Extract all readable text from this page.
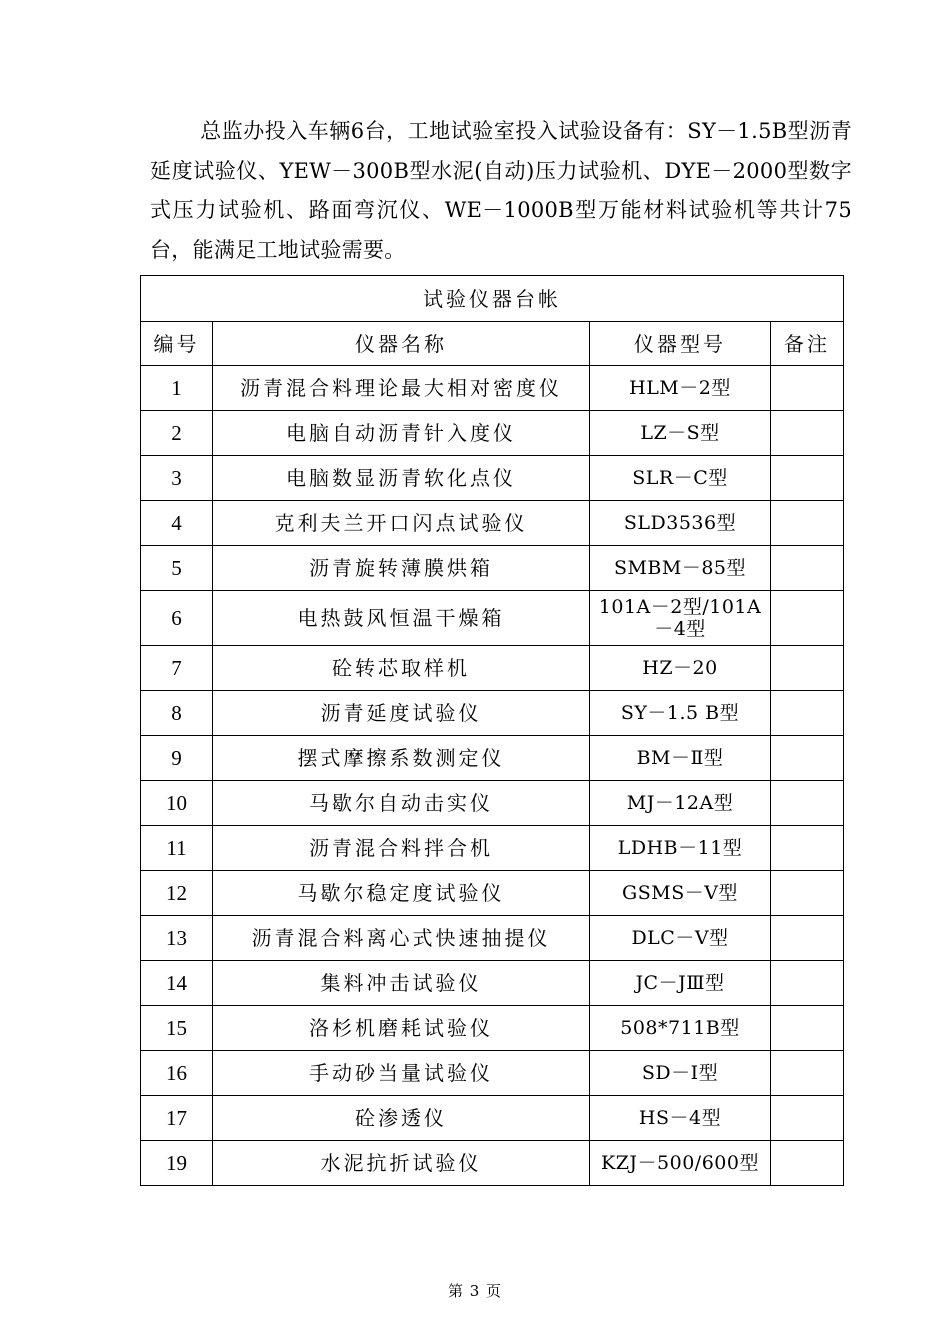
总监办投入车辆6台，工地试验室投入试验设备有：SY－1.5B型沥青延度试验仪、YEW－300B型水泥(自动)压力试验机、DYE－2000型数字式压力试验机、路面弯沉仪、WE－1000B型万能材料试验机等共计75台，能满足工地试验需要。
试验仪器台帐			
编号	仪器名称	仪器型号	备注
1	沥青混合料理论最大相对密度仪	HLM－2型	
2	电脑自动沥青针入度仪	LZ－S型	
3	电脑数显沥青软化点仪	SLR－C型	
4	克利夫兰开口闪点试验仪	SLD3536型	
5	沥青旋转薄膜烘箱	SMBM－85型	
6	电热鼓风恒温干燥箱	101A－2型/101A－4型	
7	砼转芯取样机	HZ－20	
8	沥青延度试验仪	SY－1.5 B型	
9	摆式摩擦系数测定仪	BM－Ⅱ型	
10	马歇尔自动击实仪	MJ－12A型	
11	沥青混合料拌合机	LDHB－11型	
12	马歇尔稳定度试验仪	GSMS－V型	
13	沥青混合料离心式快速抽提仪	DLC－V型	
14	集料冲击试验仪	JC－JⅢ型	
15	洛杉机磨耗试验仪	508*711B型	
16	手动砂当量试验仪	SD－Ⅰ型	
17	砼渗透仪	HS－4型	
19	水泥抗折试验仪	KZJ－500/600型	
第 3 页
